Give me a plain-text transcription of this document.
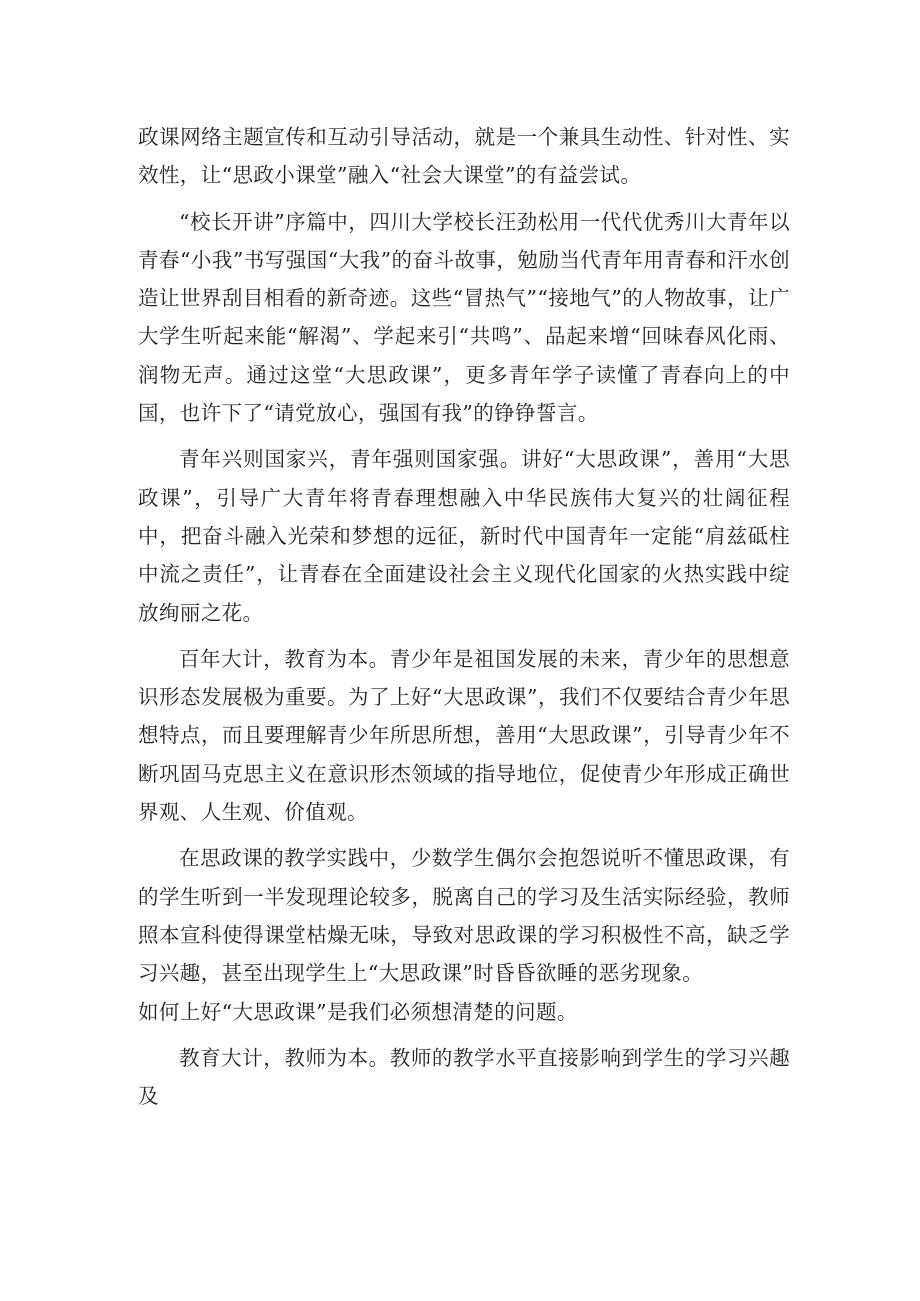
政课网络主题宣传和互动引导活动，就是一个兼具生动性、针对性、实效性，让“思政小课堂”融入“社会大课堂”的有益尝试。

“校长开讲”序篇中，四川大学校长汪劲松用一代代优秀川大青年以青春“小我”书写强国“大我”的奋斗故事，勉励当代青年用青春和汗水创造让世界刮目相看的新奇迹。这些“冒热气”“接地气”的人物故事，让广大学生听起来能“解渴”、学起来引“共鸣”、品起来增“回味春风化雨、润物无声。通过这堂“大思政课”，更多青年学子读懂了青春向上的中国，也许下了“请党放心，强国有我”的铮铮誓言。

青年兴则国家兴，青年强则国家强。讲好“大思政课”，善用“大思政课”，引导广大青年将青春理想融入中华民族伟大复兴的壮阔征程中，把奋斗融入光荣和梦想的远征，新时代中国青年一定能“肩兹砥柱中流之责任”，让青春在全面建设社会主义现代化国家的火热实践中绽放绚丽之花。

百年大计，教育为本。青少年是祖国发展的未来，青少年的思想意识形态发展极为重要。为了上好“大思政课”，我们不仅要结合青少年思想特点，而且要理解青少年所思所想，善用“大思政课”，引导青少年不断巩固马克思主义在意识形杰领域的指导地位，促使青少年形成正确世界观、人生观、价值观。

在思政课的教学实践中，少数学生偶尔会抱怨说听不懂思政课，有的学生听到一半发现理论较多，脱离自己的学习及生活实际经验，教师照本宣科使得课堂枯燥无味，导致对思政课的学习积极性不高，缺乏学习兴趣，甚至出现学生上“大思政课”时昏昏欲睡的恶劣现象。

如何上好“大思政课”是我们必须想清楚的问题。

教育大计，教师为本。教师的教学水平直接影响到学生的学习兴趣及
